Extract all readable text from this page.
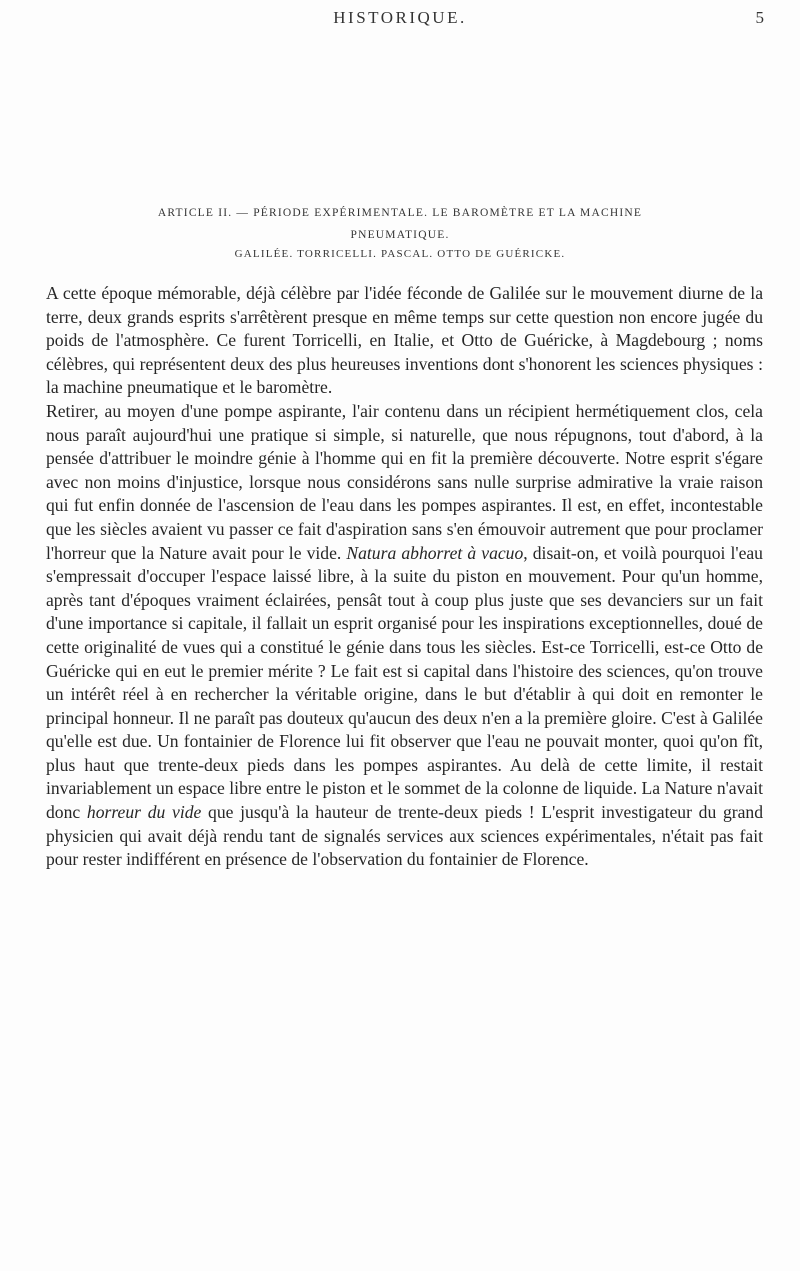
HISTORIQUE.	5
ARTICLE II. — PÉRIODE EXPÉRIMENTALE. LE BAROMÈTRE ET LA MACHINE
PNEUMATIQUE.
GALILÉE. TORRICELLI. PASCAL. OTTO DE GUÉRICKE.

A cette époque mémorable, déjà célèbre par l'idée féconde de Galilée sur le mouvement diurne de la terre, deux grands esprits s'arrêtèrent presque en même temps sur cette question non encore jugée du poids de l'atmosphère. Ce furent Torricelli, en Italie, et Otto de Guéricke, à Magdebourg ; noms célèbres, qui représentent deux des plus heureuses inventions dont s'honorent les sciences physiques : la machine pneumatique et le baromètre.

Retirer, au moyen d'une pompe aspirante, l'air contenu dans un récipient hermétiquement clos, cela nous paraît aujourd'hui une pratique si simple, si naturelle, que nous répugnons, tout d'abord, à la pensée d'attribuer le moindre génie à l'homme qui en fit la première découverte. Notre esprit s'égare avec non moins d'injustice, lorsque nous considérons sans nulle surprise admirative la vraie raison qui fut enfin donnée de l'ascension de l'eau dans les pompes aspirantes. Il est, en effet, incontestable que les siècles avaient vu passer ce fait d'aspiration sans s'en émouvoir autrement que pour proclamer l'horreur que la Nature avait pour le vide. Natura abhorret à vacuo, disait-on, et voilà pourquoi l'eau s'empressait d'occuper l'espace laissé libre, à la suite du piston en mouvement. Pour qu'un homme, après tant d'époques vraiment éclairées, pensât tout à coup plus juste que ses devanciers sur un fait d'une importance si capitale, il fallait un esprit organisé pour les inspirations exceptionnelles, doué de cette originalité de vues qui a constitué le génie dans tous les siècles. Est-ce Torricelli, est-ce Otto de Guéricke qui en eut le premier mérite ? Le fait est si capital dans l'histoire des sciences, qu'on trouve un intérêt réel à en rechercher la véritable origine, dans le but d'établir à qui doit en remonter le principal honneur. Il ne paraît pas douteux qu'aucun des deux n'en a la première gloire. C'est à Galilée qu'elle est due. Un fontainier de Florence lui fit observer que l'eau ne pouvait monter, quoi qu'on fît, plus haut que trente-deux pieds dans les pompes aspirantes. Au delà de cette limite, il restait invariablement un espace libre entre le piston et le sommet de la colonne de liquide. La Nature n'avait donc horreur du vide que jusqu'à la hauteur de trente-deux pieds ! L'esprit investigateur du grand physicien qui avait déjà rendu tant de signalés services aux sciences expérimentales, n'était pas fait pour rester indifférent en présence de l'observation du fontainier de Florence.
